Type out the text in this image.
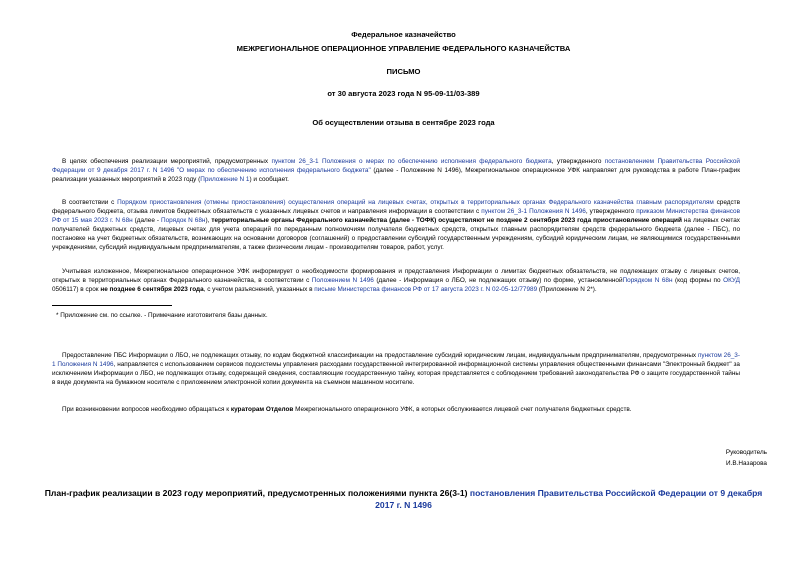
Федеральное казначейство
МЕЖРЕГИОНАЛЬНОЕ ОПЕРАЦИОННОЕ УПРАВЛЕНИЕ ФЕДЕРАЛЬНОГО КАЗНАЧЕЙСТВА
ПИСЬМО
от 30 августа 2023 года N 95-09-11/03-389
Об осуществлении отзыва в сентябре 2023 года

В целях обеспечения реализации мероприятий, предусмотренных пунктом 26_3-1 Положения о мерах по обеспечению исполнения федерального бюджета, утвержденного постановлением Правительства Российской Федерации от 9 декабря 2017 г. N 1496 "О мерах по обеспечению исполнения федерального бюджета" (далее - Положение N 1496), Межрегиональное операционное УФК направляет для руководства в работе План-график реализации указанных мероприятий в 2023 году (Приложение N 1) и сообщает.

В соответствии с Порядком приостановления (отмены приостановления) осуществления операций на лицевых счетах, открытых в территориальных органах Федерального казначейства главным распорядителям средств федерального бюджета, отзыва лимитов бюджетных обязательств с указанных лицевых счетов и направления информации в соответствии с пунктом 26_3-1 Положения N 1496, утвержденного приказом Министерства финансов РФ от 15 мая 2023 г. N 68н (далее - Порядок N 68н), территориальные органы Федерального казначейства (далее - ТОФК) осуществляют не позднее 2 сентября 2023 года приостановление операций на лицевых счетах получателей бюджетных средств, лицевых счетах для учета операций по переданным полномочиям получателя бюджетных средств, открытых главным распорядителям средств федерального бюджета (далее - ПБС), по постановке на учет бюджетных обязательств, возникающих на основании договоров (соглашений) о предоставлении субсидий государственным учреждениям, субсидий юридическим лицам, не являющимися государственными учреждениями, субсидий индивидуальным предпринимателям, а также физическим лицам - производителям товаров, работ, услуг.

Учитывая изложенное, Межрегиональное операционное УФК информирует о необходимости формирования и представления Информации о лимитах бюджетных обязательств, не подлежащих отзыву с лицевых счетов, открытых в территориальных органах Федерального казначейства, в соответствии с Положением N 1496 (далее - Информация о ЛБО, не подлежащих отзыву) по форме, установленнойПорядком N 68н (код формы по ОКУД 0506117) в срок не позднее 6 сентября 2023 года, с учетом разъяснений, указанных в письме Министерства финансов РФ от 17 августа 2023 г. N 02-05-12/77989 (Приложение N 2*).

* Приложение см. по ссылке. - Примечание изготовителя базы данных.

Предоставление ПБС Информации о ЛБО, не подлежащих отзыву, по кодам бюджетной классификации на предоставление субсидий юридическим лицам, индивидуальным предпринимателям, предусмотренных пунктом 26_3-1 Положения N 1496, направляется с использованием сервисов подсистемы управления расходами государственной интегрированной информационной системы управления общественными финансами "Электронный бюджет" за исключением Информации о ЛБО, не подлежащих отзыву, содержащей сведения, составляющие государственную тайну, которая представляется с соблюдением требований законодательства РФ о защите государственной тайны в виде документа на бумажном носителе с приложением электронной копии документа на съемном машинном носителе.

При возникновении вопросов необходимо обращаться к кураторам Отделов Межрегионального операционного УФК, в которых обслуживается лицевой счет получателя бюджетных средств.

Руководитель
И.В.Назарова
План-график реализации в 2023 году мероприятий, предусмотренных положениями пункта 26(3-1) постановления Правительства Российской Федерации от 9 декабря 2017 г. N 1496
